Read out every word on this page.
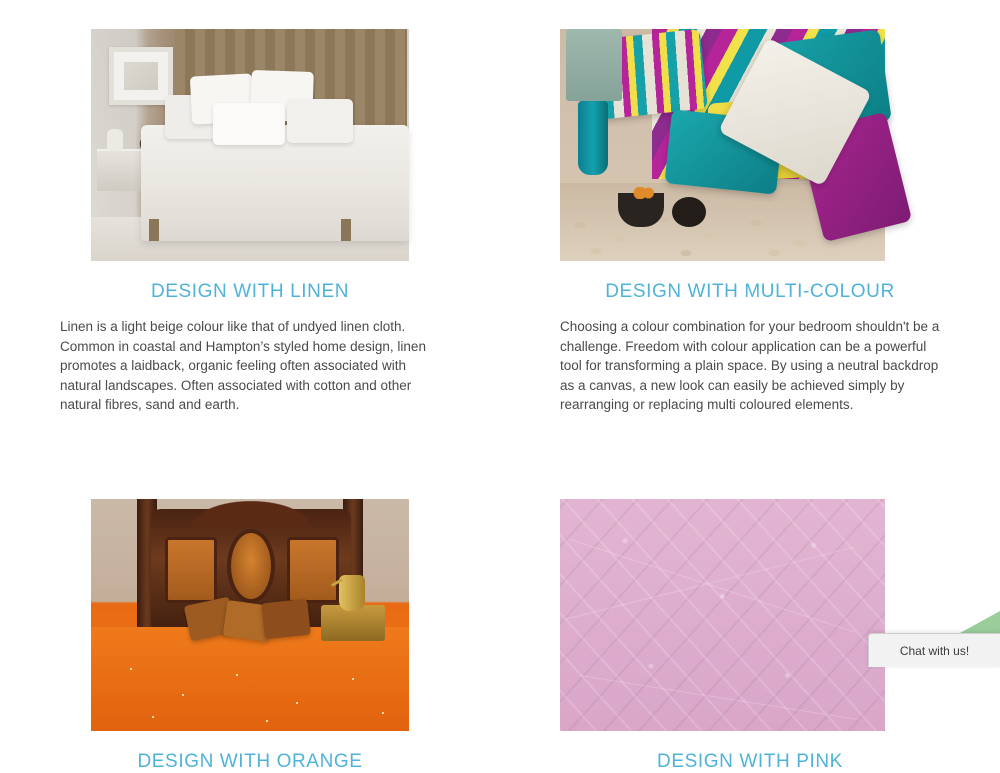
DESIGN WITH LINEN
Linen is a light beige colour like that of undyed linen cloth. Common in coastal and Hampton’s styled home design, linen promotes a laidback, organic feeling often associated with natural landscapes. Often associated with cotton and other natural fibres, sand and earth.
DESIGN WITH MULTI-COLOUR
Choosing a colour combination for your bedroom shouldn't be a challenge. Freedom with colour application can be a powerful tool for transforming a plain space. By using a neutral backdrop as a canvas, a new look can easily be achieved simply by rearranging or replacing multi coloured elements.
DESIGN WITH ORANGE	DESIGN WITH PINK
Chat with us!
